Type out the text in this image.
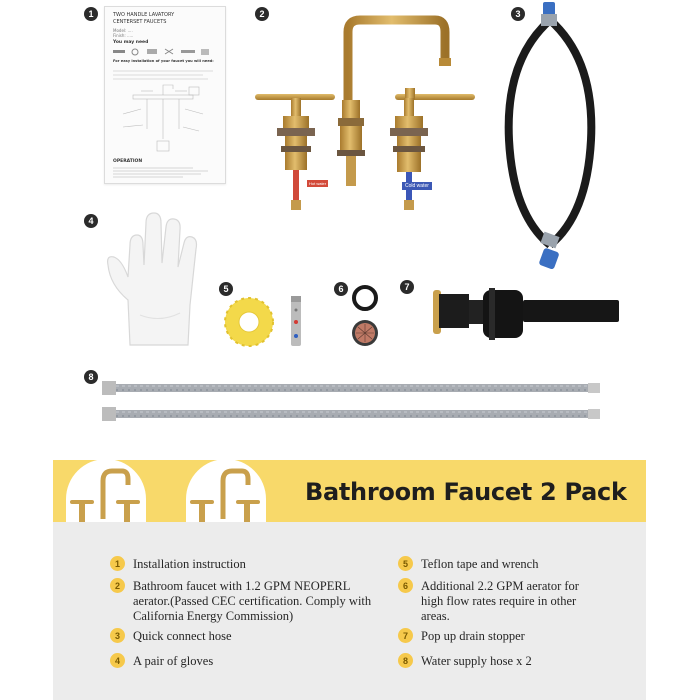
1	2	3
4
5	6	7
8
TWO HANDLE LAVATORY
CENTERSET FAUCETS
Model: ....
Finish: .....
You may need
For easy installation of your faucet you will need:
OPERATION
Hot water	Cold water
Bathroom Faucet 2 Pack
1	Installation instruction
2	Bathroom faucet with 1.2 GPM NEOPERL aerator.(Passed CEC certification. Comply with California Energy Commission)
3	Quick connect hose
4	A pair of gloves
5	Teflon tape and wrench
6	Additional 2.2 GPM aerator for high flow rates require in other areas.
7	Pop up drain stopper
8	Water supply hose x 2
